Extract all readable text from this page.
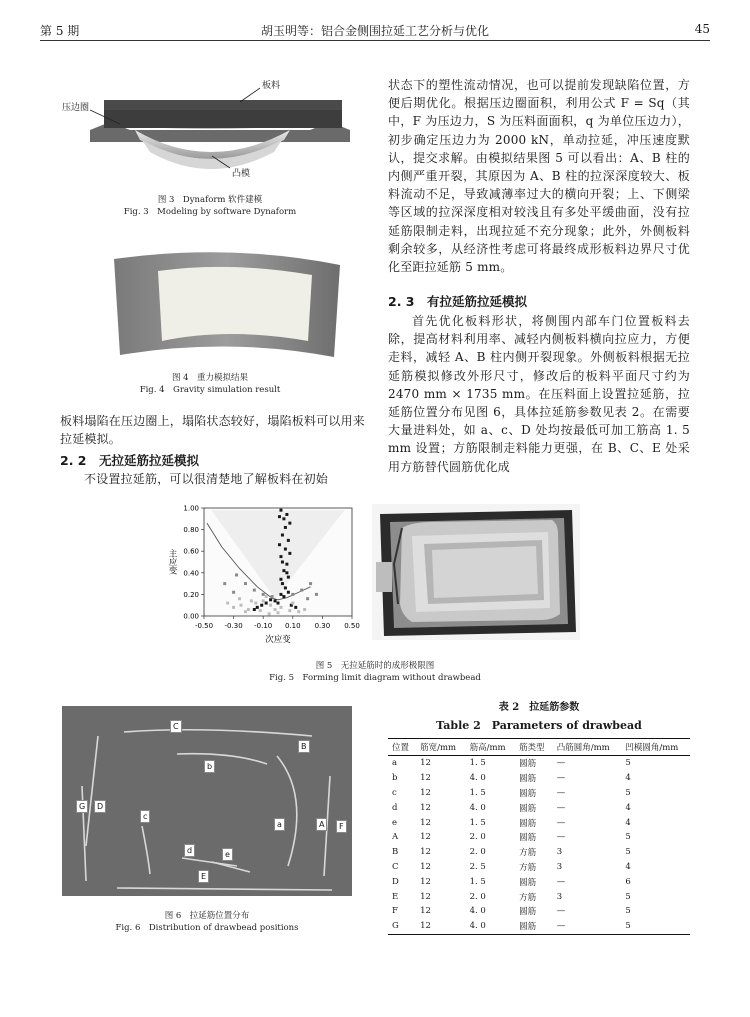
第 5 期	胡玉明等：铝合金侧围拉延工艺分析与优化	45
板料
压边圈
凸模
图 3　Dynaform 软件建模
Fig. 3　Modeling by software Dynaform
图 4　重力模拟结果
Fig. 4　Gravity simulation result

板料塌陷在压边圈上，塌陷状态较好，塌陷板料可以用来拉延模拟。

2. 2　无拉延筋拉延模拟

不设置拉延筋，可以很清楚地了解板料在初始

状态下的塑性流动情况，也可以提前发现缺陷位置，方便后期优化。根据压边圈面积，利用公式 F = Sq（其中，F 为压边力，S 为压料面面积，q 为单位压边力），初步确定压边力为 2000 kN，单动拉延，冲压速度默认，提交求解。由模拟结果图 5 可以看出：A、B 柱的内侧严重开裂，其原因为 A、B 柱的拉深深度较大、板料流动不足，导致减薄率过大的横向开裂；上、下侧梁等区域的拉深深度相对较浅且有多处平缓曲面，没有拉延筋限制走料，出现拉延不充分现象；此外，外侧板料剩余较多，从经济性考虑可将最终成形板料边界尺寸优化至距拉延筋 5 mm。

2. 3　有拉延筋拉延模拟

首先优化板料形状，将侧围内部车门位置板料去除，提高材料利用率、减轻内侧板料横向拉应力，方便走料，减轻 A、B 柱内侧开裂现象。外侧板料根据无拉延筋模拟修改外形尺寸，修改后的板料平面尺寸约为 2470 mm × 1735 mm。在压料面上设置拉延筋，拉延筋位置分布见图 6，具体拉延筋参数见表 2。在需要大量进料处，如 a、c、D 处均按最低可加工筋高 1. 5 mm 设置；方筋限制走料能力更强，在 B、C、E 处采用方筋替代圆筋优化成

-0.50 -0.30 -0.10 0.10 0.30 0.50
0.00
0.20
0.40
0.60
0.80
1.00
次应变
主应变
图 5　无拉延筋时的成形极限图
Fig. 5　Forming limit diagram without drawbead
C
B
b
G	D
c
a	A	F
d	e
E
图 6　拉延筋位置分布
Fig. 6　Distribution of drawbead positions
表 2　拉延筋参数
Table 2　Parameters of drawbead
位置	筋宽/mm	筋高/mm	筋类型	凸筋圆角/mm	凹模圆角/mm
a	12	1. 5	圆筋	—	5
b	12	4. 0	圆筋	—	4
c	12	1. 5	圆筋	—	5
d	12	4. 0	圆筋	—	4
e	12	1. 5	圆筋	—	4
A	12	2. 0	圆筋	—	5
B	12	2. 0	方筋	3	5
C	12	2. 5	方筋	3	4
D	12	1. 5	圆筋	—	6
E	12	2. 0	方筋	3	5
F	12	4. 0	圆筋	—	5
G	12	4. 0	圆筋	—	5
